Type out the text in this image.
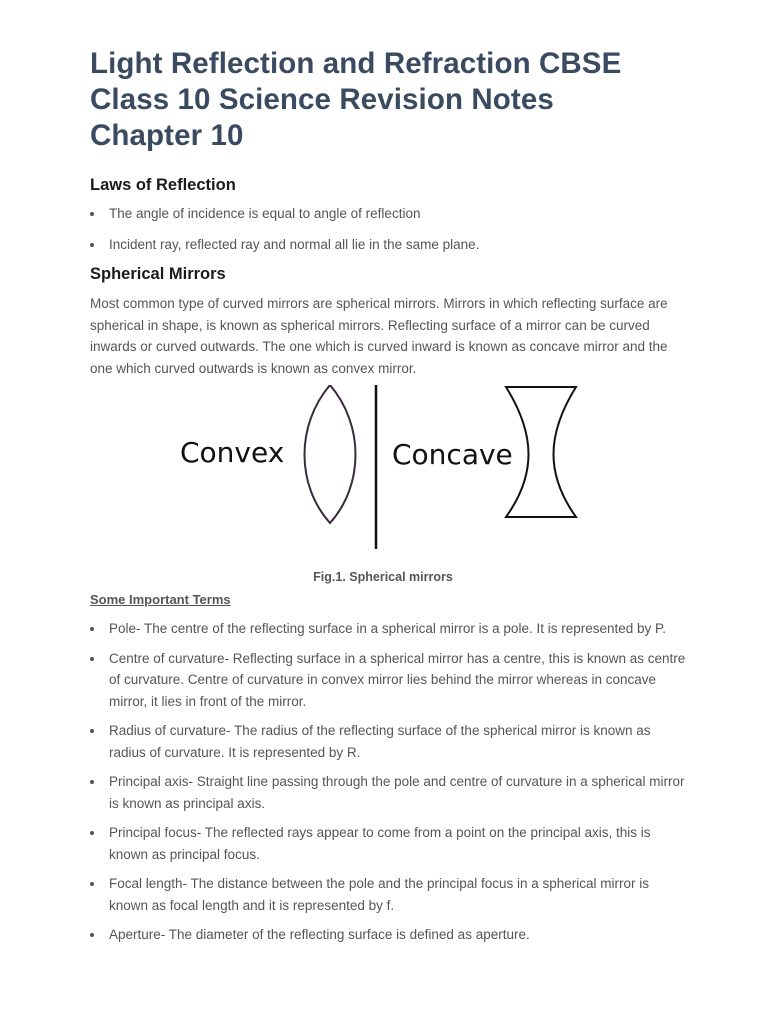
Light Reflection and Refraction CBSE
Class 10 Science Revision Notes
Chapter 10
Laws of Reflection
The angle of incidence is equal to angle of reflection
Incident ray, reflected ray and normal all lie in the same plane.
Spherical Mirrors

Most common type of curved mirrors are spherical mirrors. Mirrors in which reflecting surface are spherical in shape, is known as spherical mirrors. Reflecting surface of a mirror can be curved inwards or curved outwards. The one which is curved inward is known as concave mirror and the one which curved outwards is known as convex mirror.

Convex	Concave
Fig.1. Spherical mirrors
Some Important Terms
Pole- The centre of the reflecting surface in a spherical mirror is a pole. It is represented by P.
Centre of curvature- Reflecting surface in a spherical mirror has a centre, this is known as centre of curvature. Centre of curvature in convex mirror lies behind the mirror whereas in concave mirror, it lies in front of the mirror.
Radius of curvature- The radius of the reflecting surface of the spherical mirror is known as radius of curvature. It is represented by R.
Principal axis- Straight line passing through the pole and centre of curvature in a spherical mirror is known as principal axis.
Principal focus- The reflected rays appear to come from a point on the principal axis, this is known as principal focus.
Focal length- The distance between the pole and the principal focus in a spherical mirror is known as focal length and it is represented by f.
Aperture- The diameter of the reflecting surface is defined as aperture.
